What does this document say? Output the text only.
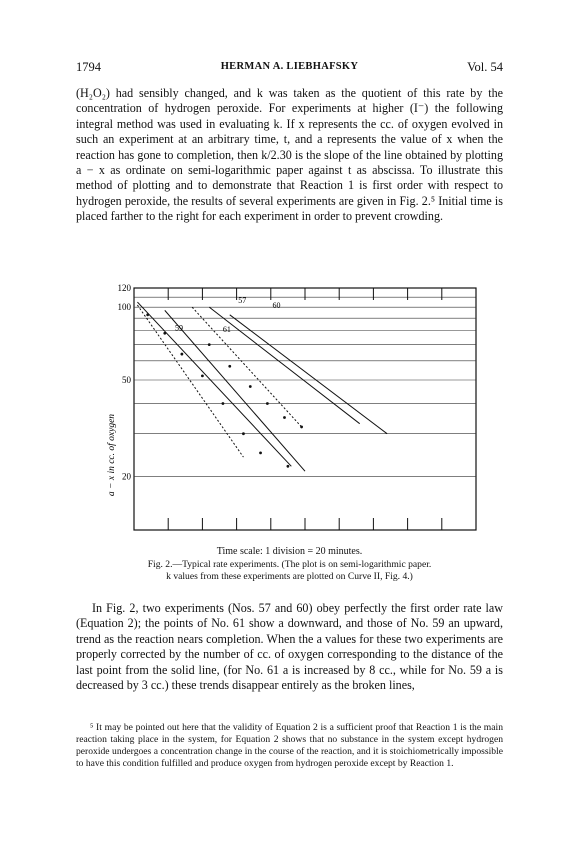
1794	HERMAN A. LIEBHAFSKY	Vol. 54

(H₂O₂) had sensibly changed, and k was taken as the quotient of this rate by the concentration of hydrogen peroxide. For experiments at higher (I⁻) the following integral method was used in evaluating k. If x represents the cc. of oxygen evolved in such an experiment at an arbitrary time, t, and a represents the value of x when the reaction has gone to completion, then k/2.30 is the slope of the line obtained by plotting a − x as ordinate on semi-logarithmic paper against t as abscissa. To illustrate this method of plotting and to demonstrate that Reaction 1 is first order with respect to hydrogen peroxide, the results of several experiments are given in Fig. 2.⁵ Initial time is placed farther to the right for each experiment in order to prevent crowding.

20
50
100
120
57
60
59	61
a − x in cc. of oxygen
Time scale: 1 division = 20 minutes.
Fig. 2.—Typical rate experiments. (The plot is on semi-logarithmic paper.
k values from these experiments are plotted on Curve II, Fig. 4.)

In Fig. 2, two experiments (Nos. 57 and 60) obey perfectly the first order rate law (Equation 2); the points of No. 61 show a downward, and those of No. 59 an upward, trend as the reaction nears completion. When the a values for these two experiments are properly corrected by the number of cc. of oxygen corresponding to the distance of the last point from the solid line, (for No. 61 a is increased by 8 cc., while for No. 59 a is decreased by 3 cc.) these trends disappear entirely as the broken lines,

⁵ It may be pointed out here that the validity of Equation 2 is a sufficient proof that Reaction 1 is the main reaction taking place in the system, for Equation 2 shows that no substance in the system except hydrogen peroxide undergoes a concentration change in the course of the reaction, and it is stoichiometrically impossible to have this condition fulfilled and produce oxygen from hydrogen peroxide except by Reaction 1.
